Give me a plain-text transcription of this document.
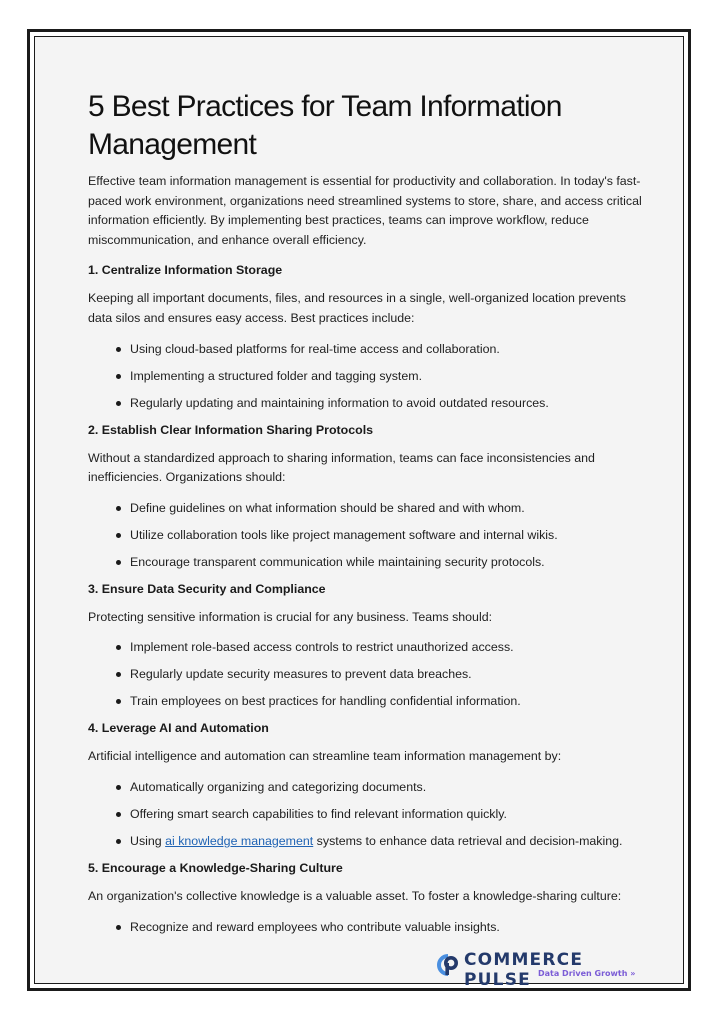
5 Best Practices for Team Information Management

Effective team information management is essential for productivity and collaboration. In today's fast-paced work environment, organizations need streamlined systems to store, share, and access critical information efficiently. By implementing best practices, teams can improve workflow, reduce miscommunication, and enhance overall efficiency.

1. Centralize Information Storage

Keeping all important documents, files, and resources in a single, well-organized location prevents data silos and ensures easy access. Best practices include:

Using cloud-based platforms for real-time access and collaboration.
Implementing a structured folder and tagging system.
Regularly updating and maintaining information to avoid outdated resources.
2. Establish Clear Information Sharing Protocols

Without a standardized approach to sharing information, teams can face inconsistencies and inefficiencies. Organizations should:

Define guidelines on what information should be shared and with whom.
Utilize collaboration tools like project management software and internal wikis.
Encourage transparent communication while maintaining security protocols.
3. Ensure Data Security and Compliance

Protecting sensitive information is crucial for any business. Teams should:

Implement role-based access controls to restrict unauthorized access.
Regularly update security measures to prevent data breaches.
Train employees on best practices for handling confidential information.
4. Leverage AI and Automation

Artificial intelligence and automation can streamline team information management by:

Automatically organizing and categorizing documents.
Offering smart search capabilities to find relevant information quickly.
Using ai knowledge management systems to enhance data retrieval and decision-making.
5. Encourage a Knowledge-Sharing Culture

An organization's collective knowledge is a valuable asset. To foster a knowledge-sharing culture:

Recognize and reward employees who contribute valuable insights.
COMMERCE PULSE Data Driven Growth »
